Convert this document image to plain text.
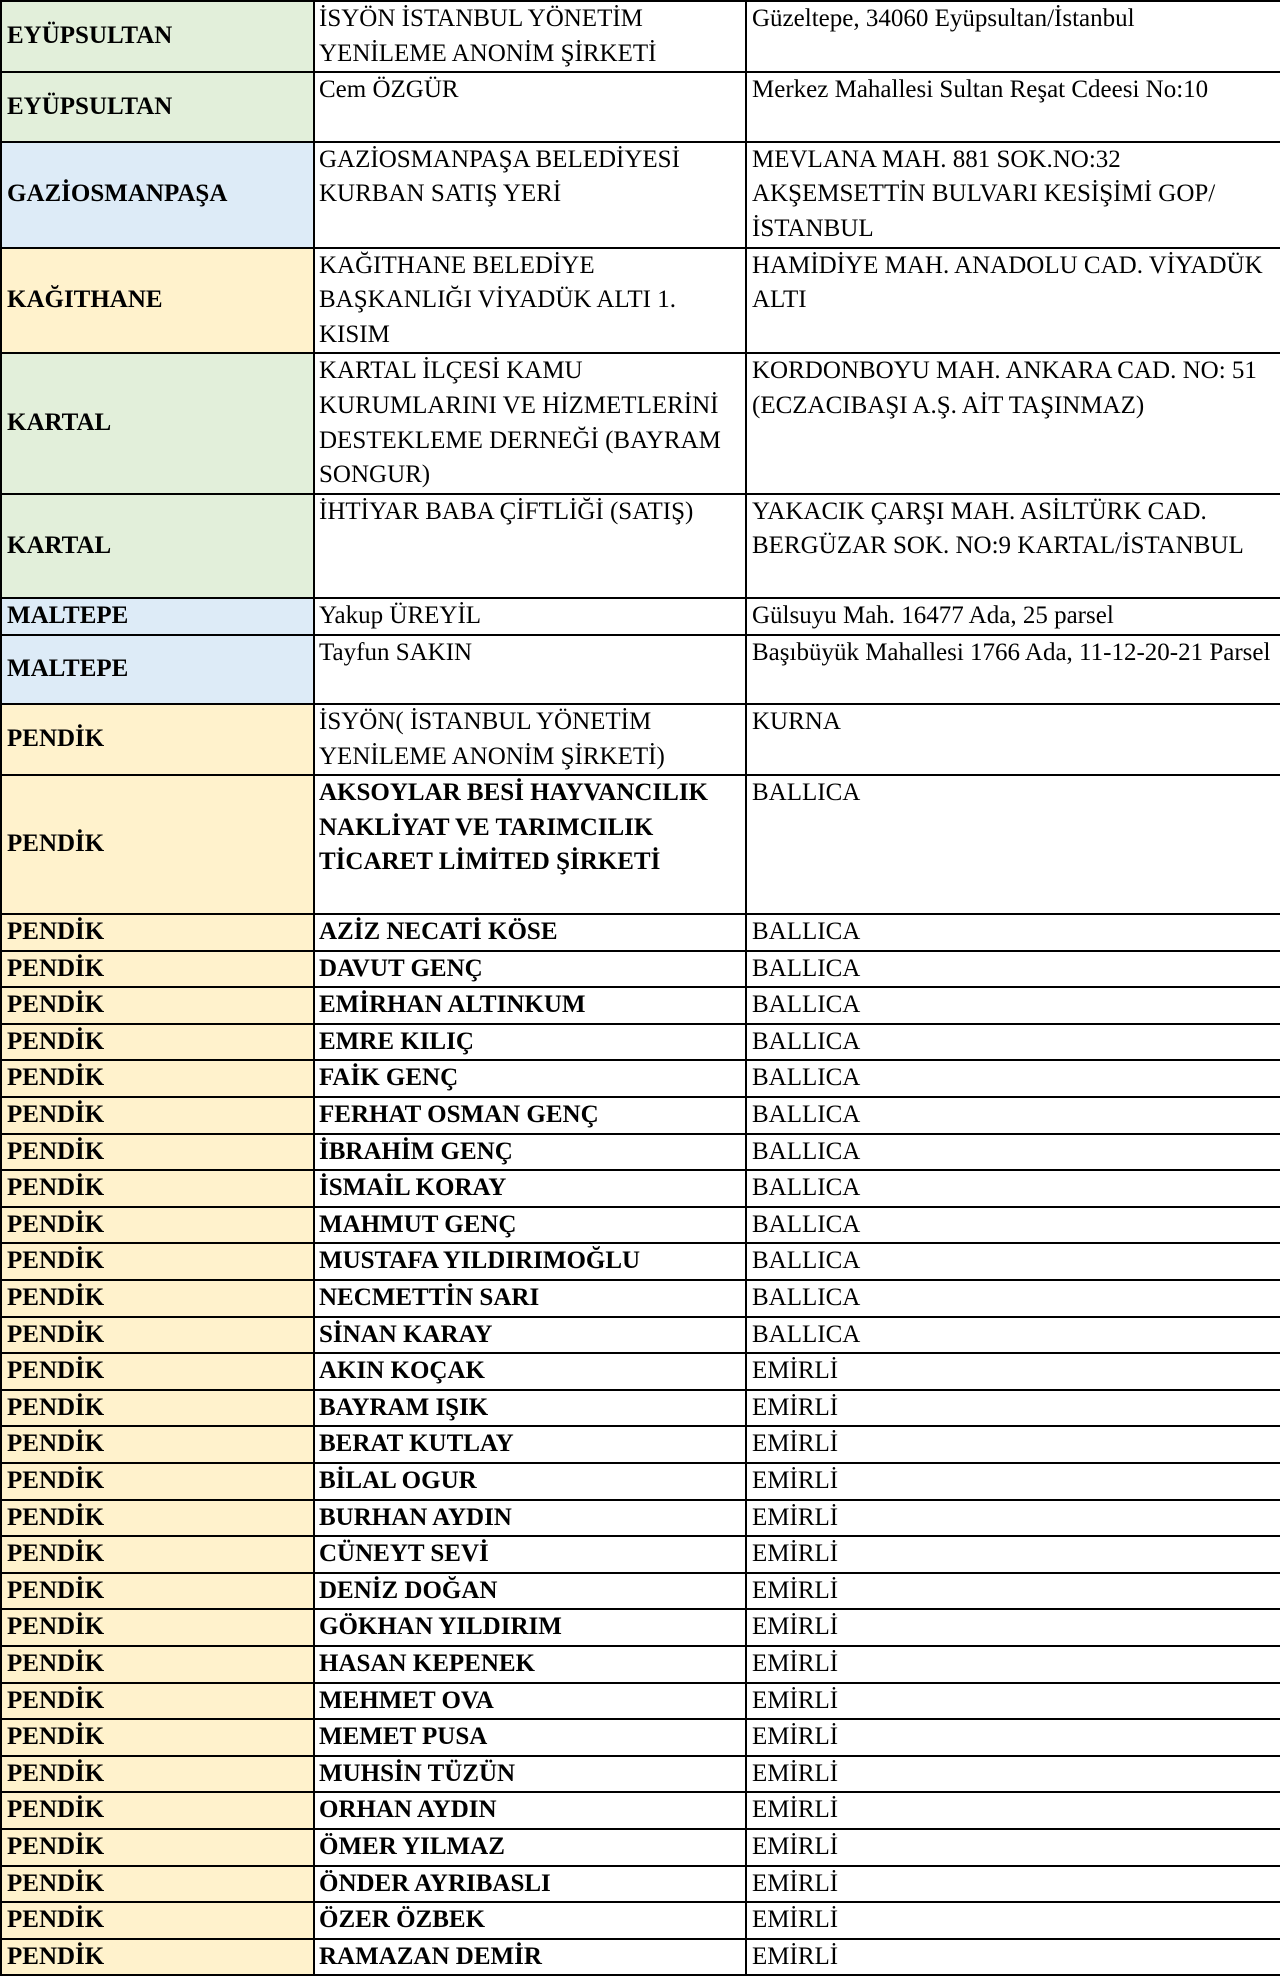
EYÜPSULTAN	İSYÖN İSTANBUL YÖNETİM YENİLEME ANONİM ŞİRKETİ	Güzeltepe, 34060 Eyüpsultan/İstanbul
EYÜPSULTAN	Cem ÖZGÜR	Merkez Mahallesi Sultan Reşat Cdeesi No:10
GAZİOSMANPAŞA	GAZİOSMANPAŞA BELEDİYESİ KURBAN SATIŞ YERİ	MEVLANA MAH. 881 SOK.NO:32 AKŞEMSETTİN BULVARI KESİŞİMİ GOP/İSTANBUL
KAĞITHANE	KAĞITHANE BELEDİYE BAŞKANLIĞI VİYADÜK ALTI 1. KISIM	HAMİDİYE MAH. ANADOLU CAD. VİYADÜK ALTI
KARTAL	KARTAL İLÇESİ KAMU KURUMLARINI VE HİZMETLERİNİ DESTEKLEME DERNEĞİ (BAYRAM SONGUR)	KORDONBOYU MAH. ANKARA CAD. NO: 51 (ECZACIBAŞI A.Ş. AİT TAŞINMAZ)
KARTAL	İHTİYAR BABA ÇİFTLİĞİ (SATIŞ)	YAKACIK ÇARŞI MAH. ASİLTÜRK CAD. BERGÜZAR SOK. NO:9 KARTAL/İSTANBUL
MALTEPE	Yakup ÜREYİL	Gülsuyu Mah. 16477 Ada, 25 parsel
MALTEPE	Tayfun SAKIN	Başıbüyük Mahallesi 1766 Ada, 11-12-20-21 Parsel
PENDİK	İSYÖN( İSTANBUL YÖNETİM YENİLEME ANONİM ŞİRKETİ)	KURNA
PENDİK	AKSOYLAR BESİ HAYVANCILIK NAKLİYAT VE TARIMCILIK TİCARET LİMİTED ŞİRKETİ	BALLICA
PENDİK	AZİZ NECATİ KÖSE	BALLICA
PENDİK	DAVUT GENÇ	BALLICA
PENDİK	EMİRHAN ALTINKUM	BALLICA
PENDİK	EMRE KILIÇ	BALLICA
PENDİK	FAİK GENÇ	BALLICA
PENDİK	FERHAT OSMAN GENÇ	BALLICA
PENDİK	İBRAHİM GENÇ	BALLICA
PENDİK	İSMAİL KORAY	BALLICA
PENDİK	MAHMUT GENÇ	BALLICA
PENDİK	MUSTAFA YILDIRIMOĞLU	BALLICA
PENDİK	NECMETTİN SARI	BALLICA
PENDİK	SİNAN KARAY	BALLICA
PENDİK	AKIN KOÇAK	EMİRLİ
PENDİK	BAYRAM IŞIK	EMİRLİ
PENDİK	BERAT KUTLAY	EMİRLİ
PENDİK	BİLAL OGUR	EMİRLİ
PENDİK	BURHAN AYDIN	EMİRLİ
PENDİK	CÜNEYT SEVİ	EMİRLİ
PENDİK	DENİZ DOĞAN	EMİRLİ
PENDİK	GÖKHAN YILDIRIM	EMİRLİ
PENDİK	HASAN KEPENEK	EMİRLİ
PENDİK	MEHMET OVA	EMİRLİ
PENDİK	MEMET PUSA	EMİRLİ
PENDİK	MUHSİN TÜZÜN	EMİRLİ
PENDİK	ORHAN AYDIN	EMİRLİ
PENDİK	ÖMER YILMAZ	EMİRLİ
PENDİK	ÖNDER AYRIBASLI	EMİRLİ
PENDİK	ÖZER ÖZBEK	EMİRLİ
PENDİK	RAMAZAN DEMİR	EMİRLİ
